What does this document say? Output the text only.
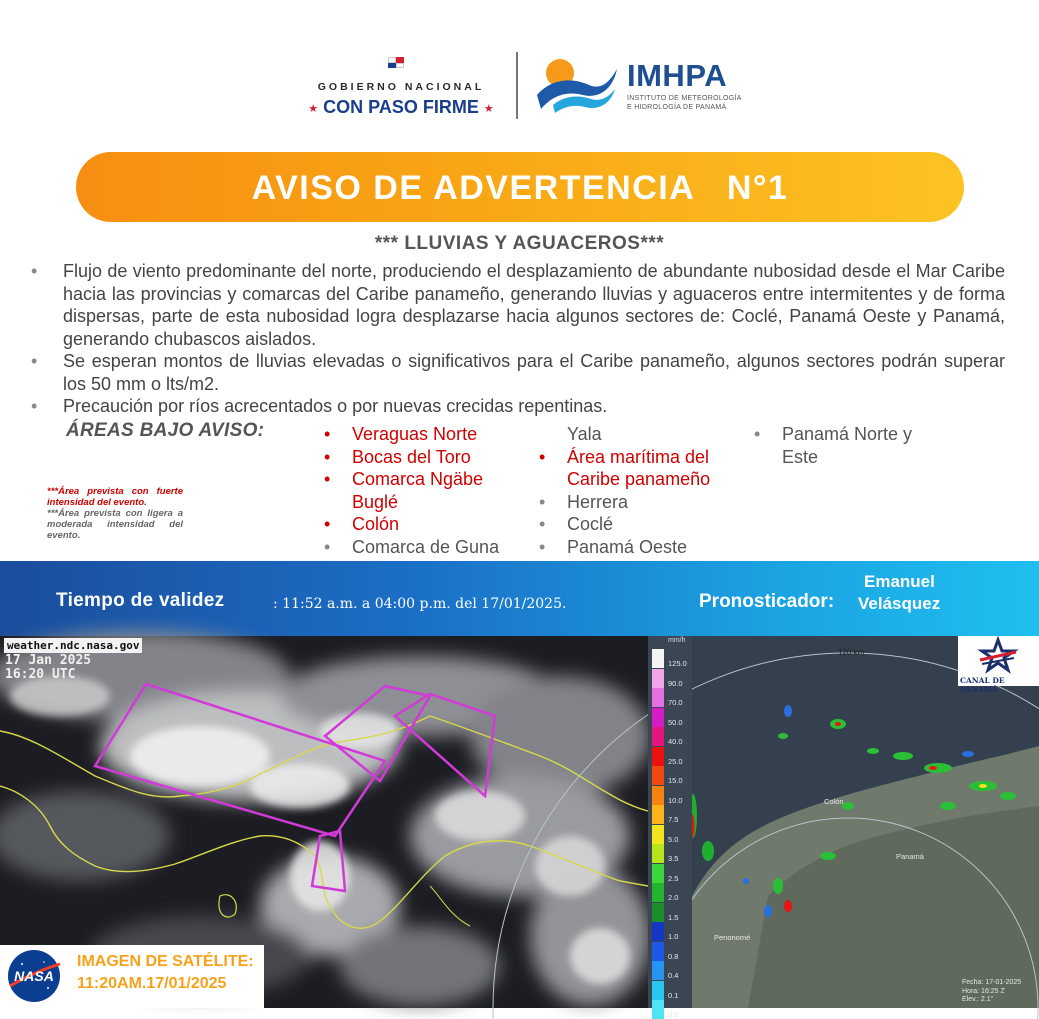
GOBIERNO NACIONAL
★ CON PASO FIRME ★
IMHPA
INSTITUTO DE METEOROLOGÍA
E HIDROLOGÍA DE PANAMÁ
AVISO DE ADVERTENCIA   N°1
*** LLUVIAS Y AGUACEROS***
• Flujo de viento predominante del norte, produciendo el desplazamiento de abundante nubosidad desde el Mar Caribe hacia las provincias y comarcas del Caribe panameño, generando lluvias y aguaceros entre intermitentes y de forma dispersas, parte de esta nubosidad logra desplazarse hacia algunos sectores de: Coclé, Panamá Oeste y Panamá, generando chubascos aislados.
• Se esperan montos de lluvias elevadas o significativos para el Caribe panameño, algunos sectores podrán superar los 50 mm o lts/m2.
• Precaución por ríos acrecentados o por nuevas crecidas repentinas.
ÁREAS BAJO AVISO:
***Área prevista con fuerte intensidad del evento.
***Área prevista con ligera a moderada intensidad del evento.
• Veraguas Norte
• Bocas del Toro
• Comarca Ngäbe
Buglé
• Colón
• Comarca de Guna
Yala
• Área marítima del
Caribe panameño
• Herrera
• Coclé
• Panamá Oeste
• Panamá Norte y
Este
Tiempo de validez	: 11:52 a.m. a 04:00 p.m. del 17/01/2025.	Pronosticador:
Emanuel
Velásquez
weather.ndc.nasa.gov
17 Jan 2025
16:20 UTC
NASA
IMAGEN DE SATÉLITE:
11:20AM.17/01/2025
mm/h
125.0
90.0
70.0
50.0
40.0
25.0
15.0
10.0
7.5
5.0
3.5
2.5
2.0
1.5
1.0
0.8
0.4
0.1
0.0
120 km
CANAL DE PANAMÁ
Colón
Panamá
Penonomé
Fecha: 17-01-2025
Hora: 16:25 Z
Elev.: 2.1°
